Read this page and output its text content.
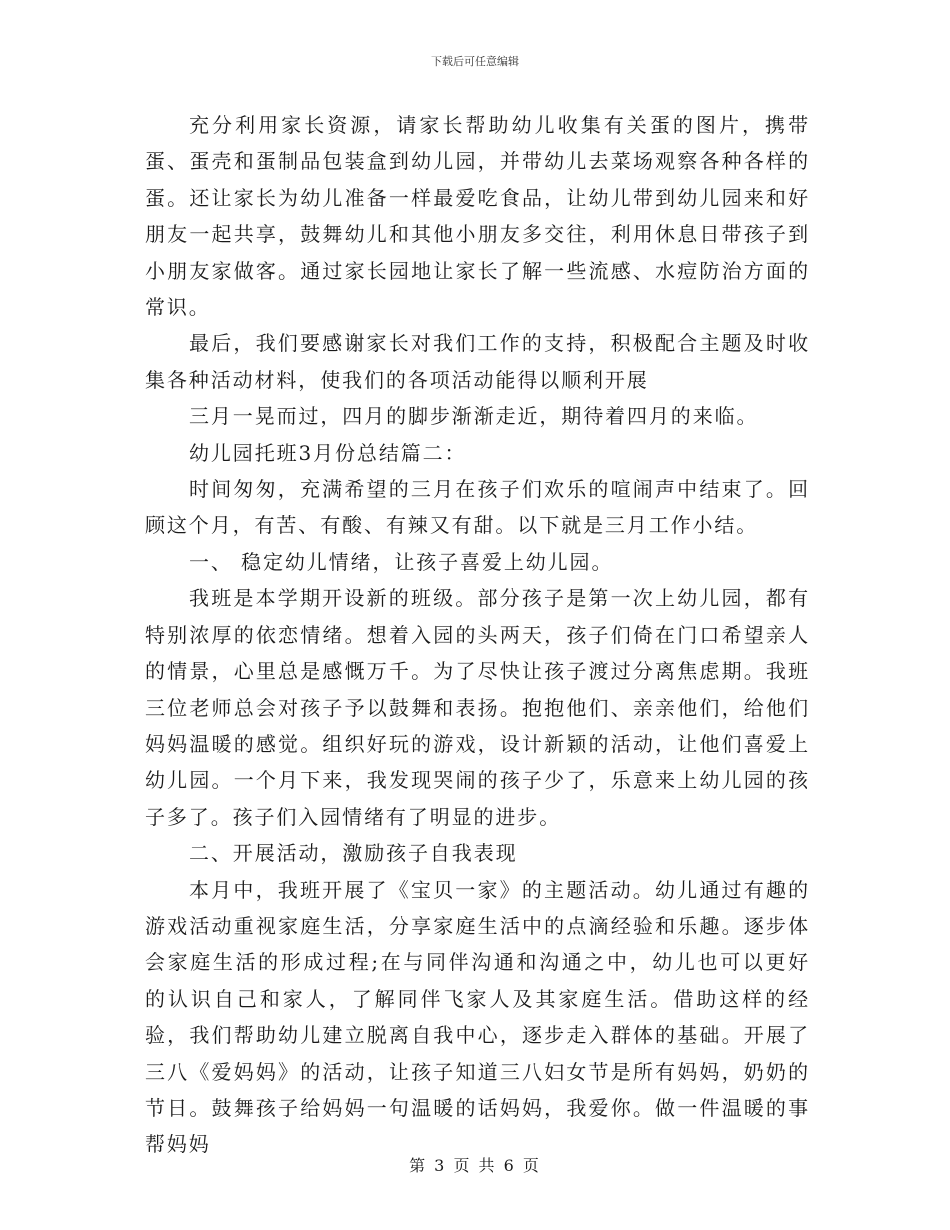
下载后可任意编辑

充分利用家长资源，请家长帮助幼儿收集有关蛋的图片，携带蛋、蛋壳和蛋制品包装盒到幼儿园，并带幼儿去菜场观察各种各样的蛋。还让家长为幼儿准备一样最爱吃食品，让幼儿带到幼儿园来和好朋友一起共享，鼓舞幼儿和其他小朋友多交往，利用休息日带孩子到小朋友家做客。通过家长园地让家长了解一些流感、水痘防治方面的常识。

最后，我们要感谢家长对我们工作的支持，积极配合主题及时收集各种活动材料，使我们的各项活动能得以顺利开展

三月一晃而过，四月的脚步渐渐走近，期待着四月的来临。

幼儿园托班3月份总结篇二：

时间匆匆，充满希望的三月在孩子们欢乐的喧闹声中结束了。回顾这个月，有苦、有酸、有辣又有甜。以下就是三月工作小结。

一、 稳定幼儿情绪，让孩子喜爱上幼儿园。

我班是本学期开设新的班级。部分孩子是第一次上幼儿园，都有特别浓厚的依恋情绪。想着入园的头两天，孩子们倚在门口希望亲人的情景，心里总是感慨万千。为了尽快让孩子渡过分离焦虑期。我班三位老师总会对孩子予以鼓舞和表扬。抱抱他们、亲亲他们，给他们妈妈温暖的感觉。组织好玩的游戏，设计新颖的活动，让他们喜爱上幼儿园。一个月下来，我发现哭闹的孩子少了，乐意来上幼儿园的孩子多了。孩子们入园情绪有了明显的进步。

二、开展活动，激励孩子自我表现

本月中，我班开展了《宝贝一家》的主题活动。幼儿通过有趣的游戏活动重视家庭生活，分享家庭生活中的点滴经验和乐趣。逐步体会家庭生活的形成过程;在与同伴沟通和沟通之中，幼儿也可以更好的认识自己和家人，了解同伴飞家人及其家庭生活。借助这样的经验，我们帮助幼儿建立脱离自我中心，逐步走入群体的基础。开展了三八《爱妈妈》的活动，让孩子知道三八妇女节是所有妈妈，奶奶的节日。鼓舞孩子给妈妈一句温暖的话妈妈，我爱你。做一件温暖的事帮妈妈

第 3 页 共 6 页
